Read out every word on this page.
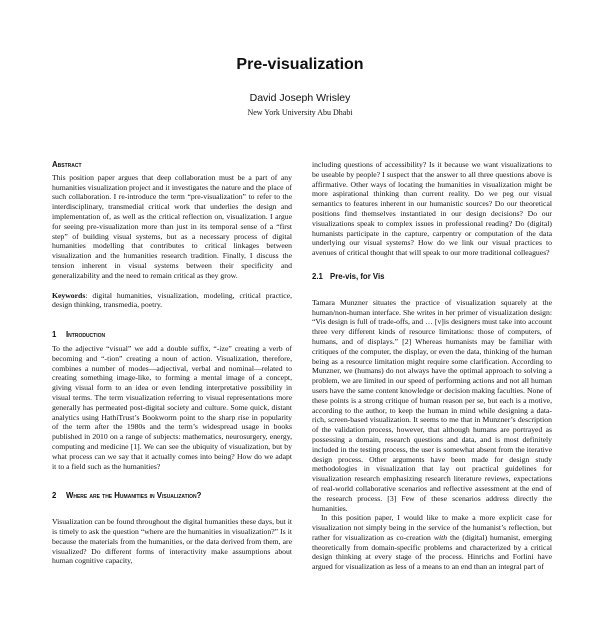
Pre-visualization
David Joseph Wrisley
New York University Abu Dhabi

Abstract

This position paper argues that deep collaboration must be a part of any humanities visualization project and it investigates the nature and the place of such collaboration. I re-introduce the term “pre-visualization” to refer to the interdisciplinary, transmedial critical work that underlies the design and implementation of, as well as the critical reflection on, visualization. I argue for seeing pre-visualization more than just in its temporal sense of a “first step” of building visual systems, but as a necessary process of digital humanities modelling that contributes to critical linkages between visualization and the humanities research tradition. Finally, I discuss the tension inherent in visual systems between their specificity and generalizability and the need to remain critical as they grow.

Keywords: digital humanities, visualization, modeling, critical practice, design thinking, transmedia, poetry.

1 Introduction

To the adjective “visual” we add a double suffix, “-ize” creating a verb of becoming and “-tion” creating a noun of action. Visualization, therefore, combines a number of modes—adjectival, verbal and nominal—related to creating something image-like, to forming a mental image of a concept, giving visual form to an idea or even lending interpretative possibility in visual terms. The term visualization referring to visual representations more generally has permeated post-digital society and culture. Some quick, distant analytics using HathiTrust’s Bookworm point to the sharp rise in popularity of the term after the 1980s and the term’s widespread usage in books published in 2010 on a range of subjects: mathematics, neurosurgery, energy, computing and medicine [1]. We can see the ubiquity of visualization, but by what process can we say that it actually comes into being? How do we adapt it to a field such as the humanities?

2 Where are the Humanities in Visualization?

Visualization can be found throughout the digital humanities these days, but it is timely to ask the question “where are the humanities in visualization?” Is it because the materials from the humanities, or the data derived from them, are visualized? Do different forms of interactivity make assumptions about human cognitive capacity,

including questions of accessibility? Is it because we want visualizations to be useable by people? I suspect that the answer to all three questions above is affirmative. Other ways of locating the humanities in visualization might be more aspirational thinking than current reality. Do we peg our visual semantics to features inherent in our humanistic sources? Do our theoretical positions find themselves instantiated in our design decisions? Do our visualizations speak to complex issues in professional reading? Do (digital) humanists participate in the capture, carpentry or computation of the data underlying our visual systems? How do we link our visual practices to avenues of critical thought that will speak to our more traditional colleagues?

2.1 Pre-vis, for Vis

Tamara Munzner situates the practice of visualization squarely at the human/non-human interface. She writes in her primer of visualization design: “Vis design is full of trade-offs, and … [v]is designers must take into account three very different kinds of resource limitations: those of computers, of humans, and of displays.” [2] Whereas humanists may be familiar with critiques of the computer, the display, or even the data, thinking of the human being as a resource limitation might require some clarification. According to Munzner, we (humans) do not always have the optimal approach to solving a problem, we are limited in our speed of performing actions and not all human users have the same content knowledge or decision making faculties. None of these points is a strong critique of human reason per se, but each is a motive, according to the author, to keep the human in mind while designing a data-rich, screen-based visualization. It seems to me that in Munzner’s description of the validation process, however, that although humans are portrayed as possessing a domain, research questions and data, and is most definitely included in the testing process, the user is somewhat absent from the iterative design process. Other arguments have been made for design study methodologies in visualization that lay out practical guidelines for visualization research emphasizing research literature reviews, expectations of real-world collaborative scenarios and reflective assessment at the end of the research process. [3] Few of these scenarios address directly the humanities.

In this position paper, I would like to make a more explicit case for visualization not simply being in the service of the humanist’s reflection, but rather for visualization as co-creation with the (digital) humanist, emerging theoretically from domain-specific problems and characterized by a critical design thinking at every stage of the process. Hinrichs and Forlini have argued for visualization as less of a means to an end than an integral part of
